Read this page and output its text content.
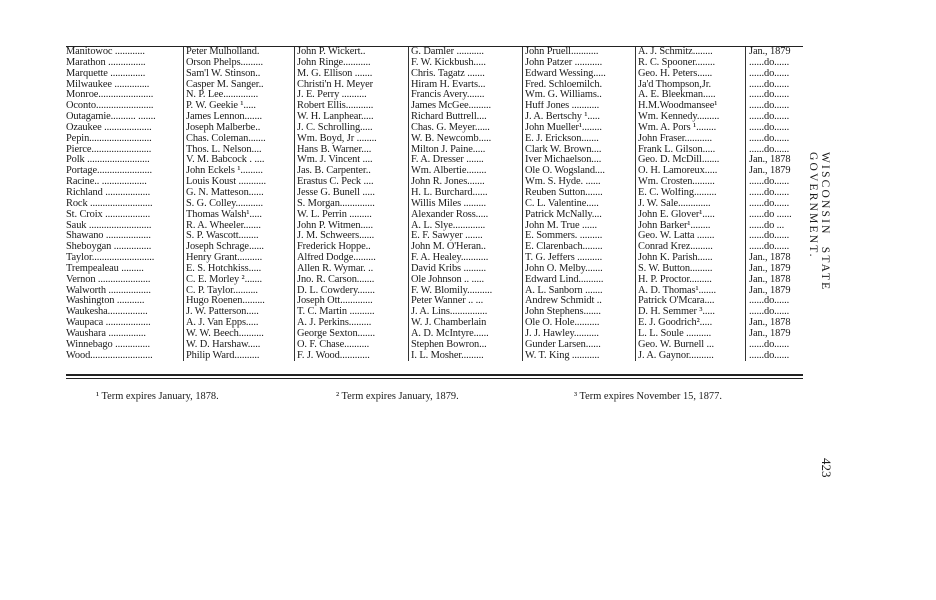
Manitowoc ............	Peter Mulholland.	John P. Wickert..	G. Damler ...........	John Pruell...........	A. J. Schmitz........	Jan., 1879
Marathon ...............	Orson Phelps.........	John Ringe...........	F. W. Kickbush.....	John Patzer ...........	R. C. Spooner........	......do......
Marquette ..............	Sam'l W. Stinson..	M. G. Ellison .......	Chris. Tagatz .......	Edward Wessing.....	Geo. H. Peters......	......do......
Milwaukee ..............	Casper M. Sanger..	Christi'n H. Meyer	Hiram H. Evarts...	Fred. Schloemilch.	Ja'd Thompson,Jr.	......do......
Monroe......................	N. P. Lee..............	J. E. Perry ..........	Francis Avery.......	Wm. G. Williams..	A. E. Bleekman.....	......do......
Oconto.......................	P. W. Geekie ¹.....	Robert Ellis...........	James McGee.........	Huff Jones ...........	H.M.Woodmansee¹	......do......
Outagamie.......... .......	James Lennon.......	W. H. Lanphear.....	Richard Buttrell....	J. A. Bertschy ¹.....	Wm. Kennedy.........	......do......
Ozaukee ...................	Joseph Malberbe..	J. C. Schrolling.....	Chas. G. Meyer......	John Mueller¹........	Wm. A. Pors ¹........	......do......
Pepin.........................	Chas. Coleman.......	Wm. Boyd, Jr ........	W. B. Newcomb.....	E. J. Erickson.......	John Fraser...........	......do......
Pierce........................	Thos. L. Nelson....	Hans B. Warner....	Milton J. Paine.....	Clark W. Brown....	Frank L. Gilson.....	......do......
Polk .........................	V. M. Babcock . ....	Wm. J. Vincent ....	F. A. Dresser .......	Iver Michaelson....	Geo. D. McDill.......	Jan., 1878
Portage......................	John Eckels ¹.........	Jas. B. Carpenter..	Wm. Albertie........	Ole O. Wogsland....	O. H. Lamoreux.....	Jan., 1879
Racine.. ..................	Louis Koust ...........	Erastus C. Peck ....	John R. Jones.......	Wm. S. Hyde. ......	Wm. Crosten.........	......do......
Richland ..................	G. N. Matteson......	Jesse G. Bunell .....	H. L. Burchard......	Reuben Sutton.......	E. C. Wolfing.........	......do......
Rock .........................	S. G. Colley...........	S. Morgan..............	Willis Miles .........	C. L. Valentine.....	J. W. Sale.............	......do......
St. Croix ..................	Thomas Walsh¹.....	W. L. Perrin .........	Alexander Ross.....	Patrick McNally....	John E. Glover¹.....	......do ......
Sauk .........................	R. A. Wheeler.......	John P. Witmen.....	A. L. Slye.............	John M. True ......	John Barker¹........	......do ...
Shawano ..................	S. P. Wascott........	J. M. Schweers......	E. F. Sawyer .......	E. Sommers. .........	Geo. W. Latta .......	......do......
Sheboygan ...............	Joseph Schrage......	Frederick Hoppe..	John M. O'Heran..	E. Clarenbach........	Conrad Krez.........	......do......
Taylor.........................	Henry Grant..........	Alfred Dodge.........	F. A. Healey...........	T. G. Jeffers ..........	John K. Parish......	Jan., 1878
Trempealeau .........	E. S. Hotchkiss.....	Allen R. Wymar. ..	David Kribs .........	John O. Melby.......	S. W. Button.........	Jan., 1879
Vernon .....................	C. E. Morley ².......	Jno. R. Carson.......	Ole Johnson .. .....	Edward Lind..........	H. P. Proctor.........	Jan., 1878
Walworth .................	C. P. Taylor..........	D. L. Cowdery.......	F. W. Blomily..........	A. L. Sanborn .......	A. D. Thomas¹.......	Jan., 1879
Washington ...........	Hugo Roenen.........	Joseph Ott.............	Peter Wanner .. ...	Andrew Schmidt ..	Patrick O'Mcara....	......do......
Waukesha................	J. W. Patterson.....	T. C. Martin ..........	J. A. Lins...............	John Stephens.......	D. H. Semmer ³.....	......do......
Waupaca ..................	A. J. Van Epps.....	A. J. Perkins.........	W. J. Chamberlain	Ole O. Hole..........	E. J. Goodrich².....	Jan., 1878
Waushara ...............	W. W. Beech..........	George Sexton.......	A. D. McIntyre......	J. J. Hawley..........	L. L. Soule ..........	Jan., 1879
Winnebago ..............	W. D. Harshaw.....	O. F. Chase..........	Stephen Bowron...	Gunder Larsen......	Geo. W. Burnell ...	......do......
Wood.........................	Philip Ward..........	F. J. Wood............	I. L. Mosher.........	W. T. King ...........	J. A. Gaynor..........	......do......
¹ Term expires January, 1878.	² Term expires January, 1879.	³ Term expires November 15, 1877.
WISCONSIN STATE GOVERNMENT.
423
